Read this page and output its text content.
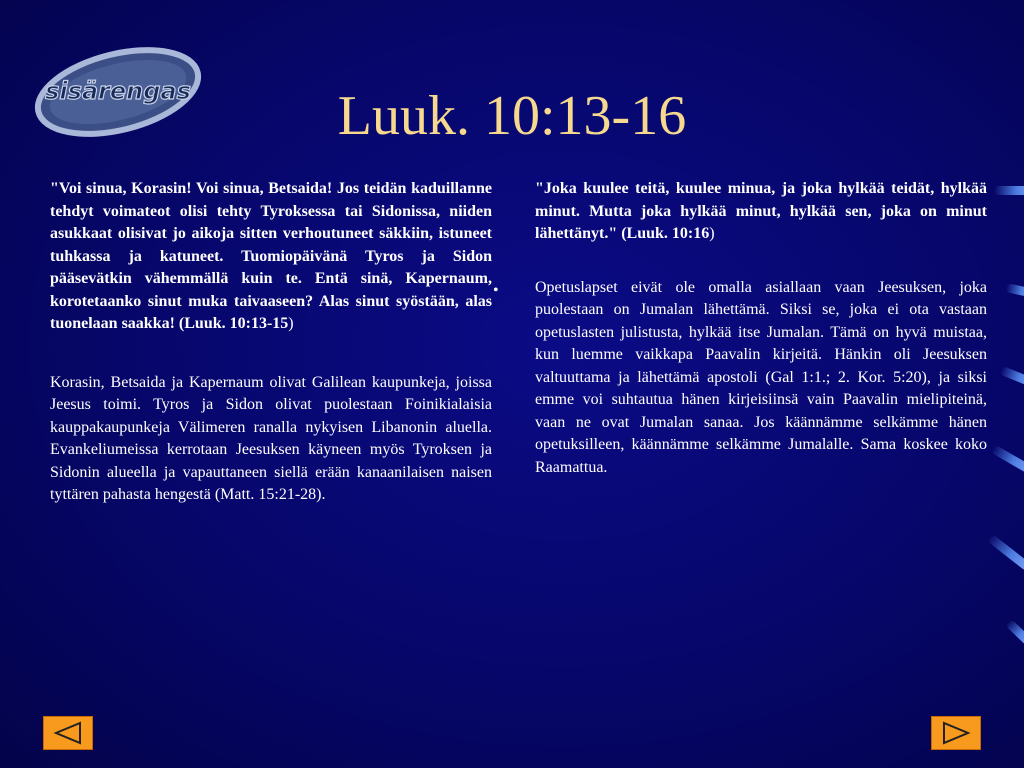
sisärengas	Luuk. 10:13-16

"Voi sinua, Korasin! Voi sinua, Betsaida! Jos teidän kaduillanne tehdyt voimateot olisi tehty Tyroksessa tai Sidonissa, niiden asukkaat olisivat jo aikoja sitten verhoutuneet säkkiin, istuneet tuhkassa ja katuneet. Tuomiopäivänä Tyros ja Sidon pääsevätkin vähemmällä kuin te. Entä sinä, Kapernaum, korotetaanko sinut muka taivaaseen? Alas sinut syöstään, alas tuonelaan saakka! (Luuk. 10:13-15)

Korasin, Betsaida ja Kapernaum olivat Galilean kaupunkeja, joissa Jeesus toimi. Tyros ja Sidon olivat puolestaan Foinikialaisia kauppakaupunkeja Välimeren ranalla nykyisen Libanonin aluella. Evankeliumeissa kerrotaan Jeesuksen käyneen myös Tyroksen ja Sidonin alueella ja vapauttaneen siellä erään kanaanilaisen naisen tyttären pahasta hengestä (Matt. 15:21-28).

•

"Joka kuulee teitä, kuulee minua, ja joka hylkää teidät, hylkää minut. Mutta joka hylkää minut, hylkää sen, joka on minut lähettänyt." (Luuk. 10:16)

Opetuslapset eivät ole omalla asiallaan vaan Jeesuksen, joka puolestaan on Jumalan lähettämä. Siksi se, joka ei ota vastaan opetuslasten julistusta, hylkää itse Jumalan. Tämä on hyvä muistaa, kun luemme vaikkapa Paavalin kirjeitä. Hänkin oli Jeesuksen valtuuttama ja lähettämä apostoli (Gal 1:1.; 2. Kor. 5:20), ja siksi emme voi suhtautua hänen kirjeisiinsä vain Paavalin mielipiteinä, vaan ne ovat Jumalan sanaa. Jos käännämme selkämme hänen opetuksilleen, käännämme selkämme Jumalalle. Sama koskee koko Raamattua.
